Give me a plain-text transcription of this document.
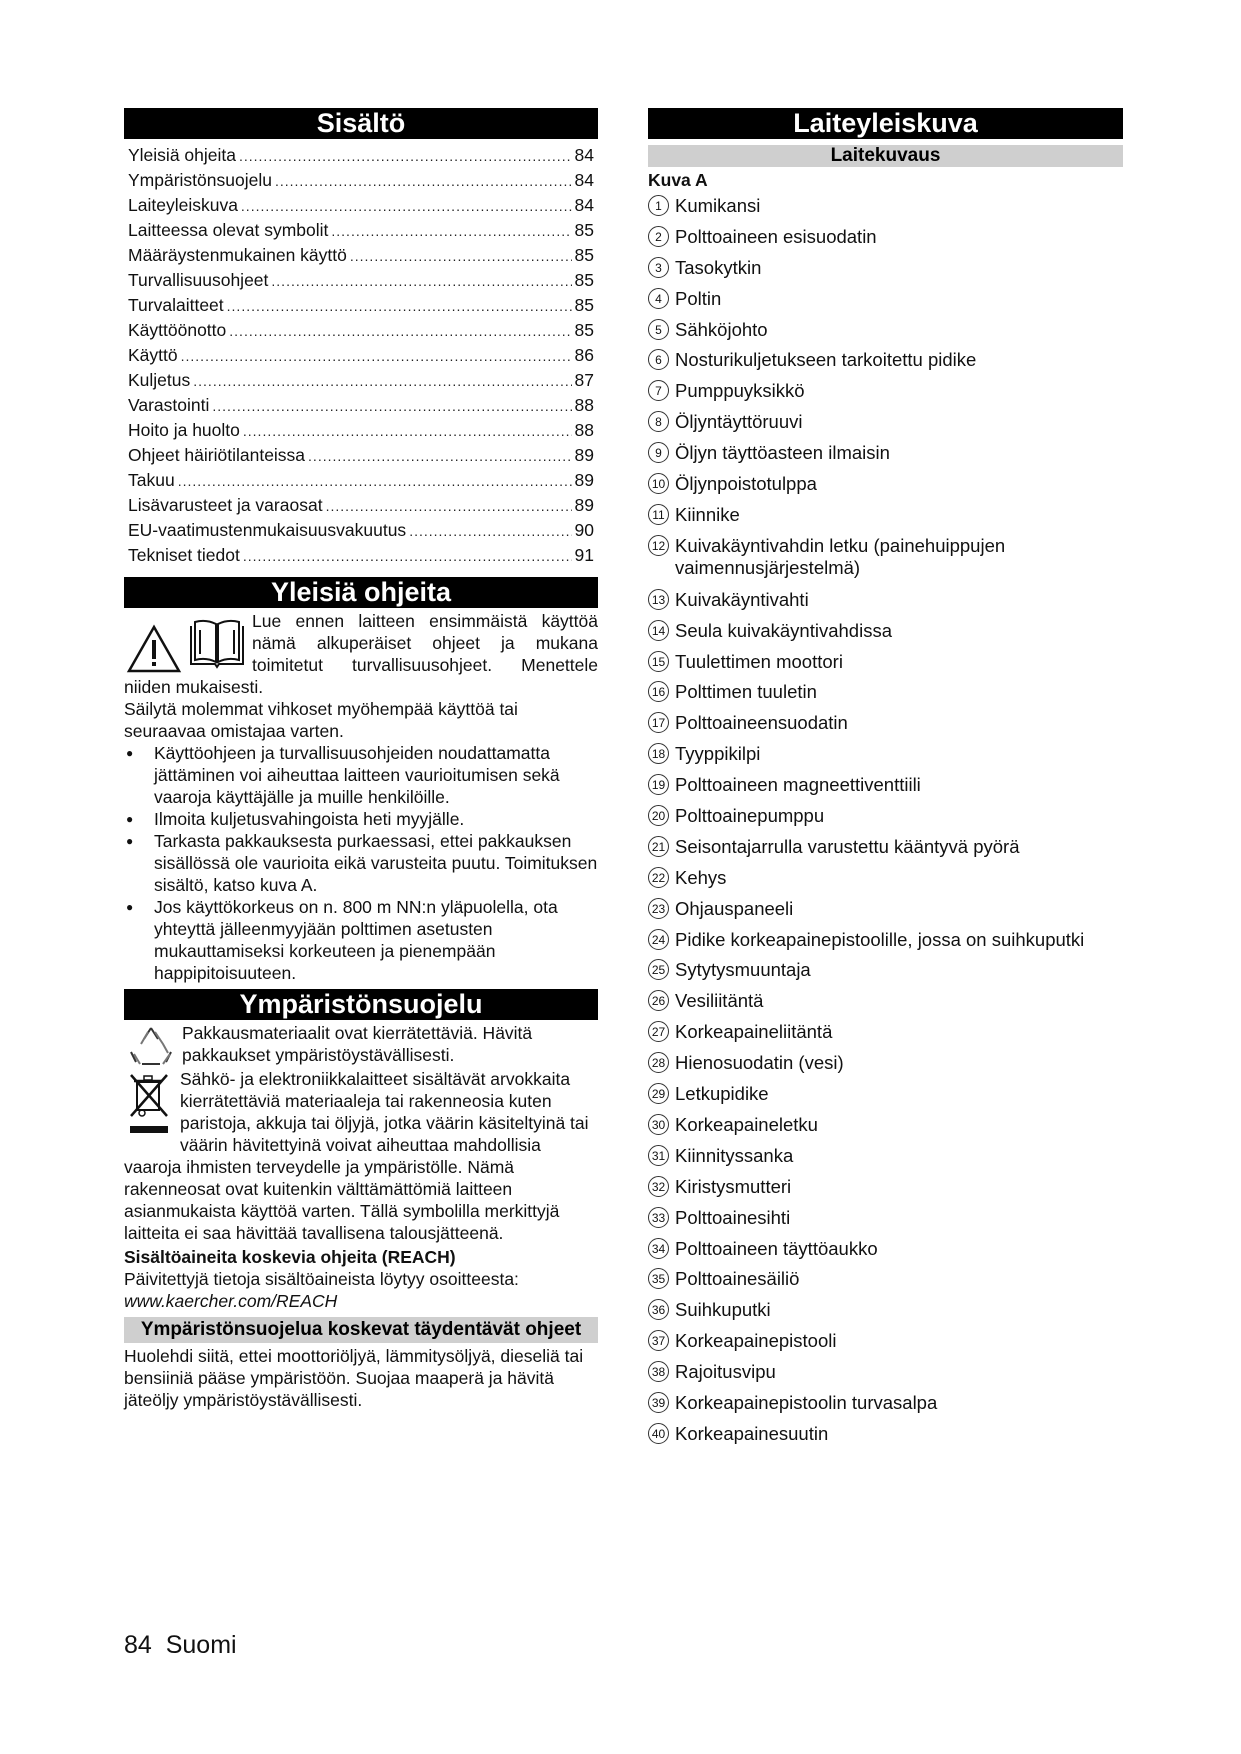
Sisältö
Yleisiä ohjeita .....	84
Ympäristönsuojelu .....	84
Laiteyleiskuva .....	84
Laitteessa olevat symbolit .....	85
Määräystenmukainen käyttö .....	85
Turvallisuusohjeet .....	85
Turvalaitteet .....	85
Käyttöönotto .....	85
Käyttö .....	86
Kuljetus .....	87
Varastointi .....	88
Hoito ja huolto .....	88
Ohjeet häiriötilanteissa .....	89
Takuu .....	89
Lisävarusteet ja varaosat .....	89
EU-vaatimustenmukaisuusvakuutus .....	90
Tekniset tiedot .....	91
Yleisiä ohjeita

Lue ennen laitteen ensimmäistä käyttöä nämä alkuperäiset ohjeet ja mukana toimitetut turvallisuusohjeet. Menettele niiden mukaisesti.

Säilytä molemmat vihkoset myöhempää käyttöä tai seuraavaa omistajaa varten.

● Käyttöohjeen ja turvallisuusohjeiden noudattamatta jättäminen voi aiheuttaa laitteen vaurioitumisen sekä vaaroja käyttäjälle ja muille henkilöille.
● Ilmoita kuljetusvahingoista heti myyjälle.
● Tarkasta pakkauksesta purkaessasi, ettei pakkauksen sisällössä ole vaurioita eikä varusteita puutu. Toimituksen sisältö, katso kuva A.
● Jos käyttökorkeus on n. 800 m NN:n yläpuolella, ota yhteyttä jälleenmyyjään polttimen asetusten mukauttamiseksi korkeuteen ja pienempään happipitoisuuteen.
Ympäristönsuojelu

Pakkausmateriaalit ovat kierrätettäviä. Hävitä pakkaukset ympäristöystävällisesti.

Sähkö- ja elektroniikkalaitteet sisältävät arvokkaita kierrätettäviä materiaaleja tai rakenneosia kuten paristoja, akkuja tai öljyjä, jotka väärin käsiteltyinä tai väärin hävitettyinä voivat aiheuttaa mahdollisia vaaroja ihmisten terveydelle ja ympäristölle. Nämä rakenneosat ovat kuitenkin välttämättömiä laitteen asianmukaista käyttöä varten. Tällä symbolilla merkittyjä laitteita ei saa hävittää tavallisena talousjätteenä.

Sisältöaineita koskevia ohjeita (REACH)

Päivitettyjä tietoja sisältöaineista löytyy osoitteesta:

www.kaercher.com/REACH

Ympäristönsuojelua koskevat täydentävät ohjeet

Huolehdi siitä, ettei moottoriöljyä, lämmitysöljyä, dieseliä tai bensiiniä pääse ympäristöön. Suojaa maaperä ja hävitä jäteöljy ympäristöystävällisesti.

Laiteyleiskuva
Laitekuvaus
Kuva A
1 Kumikansi
2 Polttoaineen esisuodatin
3 Tasokytkin
4 Poltin
5 Sähköjohto
6 Nosturikuljetukseen tarkoitettu pidike
7 Pumppuyksikkö
8 Öljyntäyttöruuvi
9 Öljyn täyttöasteen ilmaisin
10 Öljynpoistotulppa
11 Kiinnike
12 Kuivakäyntivahdin letku (painehuippujen vaimennusjärjestelmä)
13 Kuivakäyntivahti
14 Seula kuivakäyntivahdissa
15 Tuulettimen moottori
16 Polttimen tuuletin
17 Polttoaineensuodatin
18 Tyyppikilpi
19 Polttoaineen magneettiventtiili
20 Polttoainepumppu
21 Seisontajarrulla varustettu kääntyvä pyörä
22 Kehys
23 Ohjauspaneeli
24 Pidike korkeapainepistoolille, jossa on suihkuputki
25 Sytytysmuuntaja
26 Vesiliitäntä
27 Korkeapaineliitäntä
28 Hienosuodatin (vesi)
29 Letkupidike
30 Korkeapaineletku
31 Kiinnityssanka
32 Kiristysmutteri
33 Polttoainesihti
34 Polttoaineen täyttöaukko
35 Polttoainesäiliö
36 Suihkuputki
37 Korkeapainepistooli
38 Rajoitusvipu
39 Korkeapainepistoolin turvasalpa
40 Korkeapainesuutin
84 Suomi
